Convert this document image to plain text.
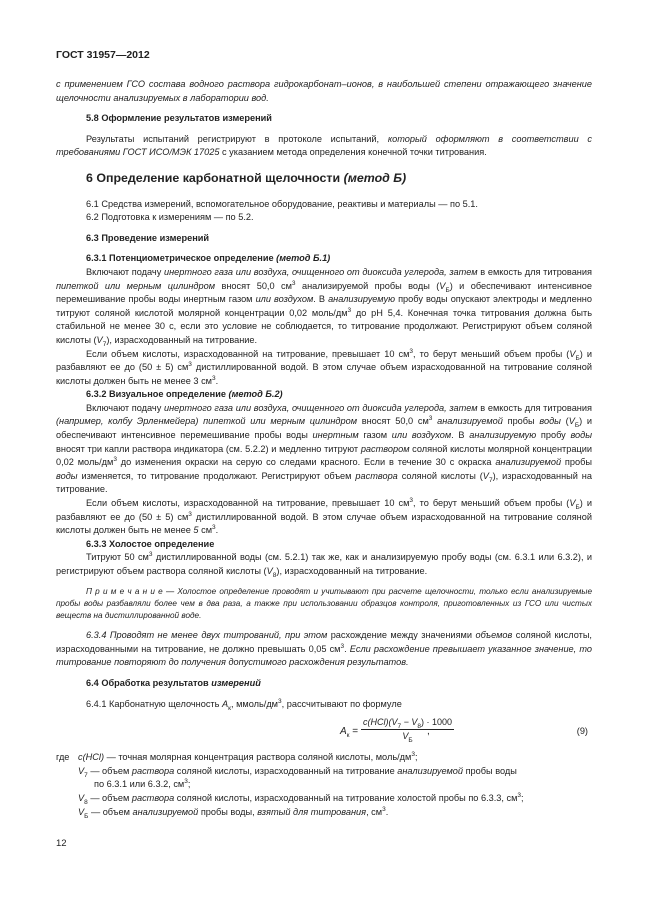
ГОСТ 31957—2012

с применением ГСО состава водного раствора гидрокарбонат–ионов, в наибольшей степени отражающего значение щелочности анализируемых в лаборатории вод.

5.8 Оформление результатов измерений

Результаты испытаний регистрируют в протоколе испытаний, который оформляют в соответствии с требованиями ГОСТ ИСО/МЭК 17025 с указанием метода определения конечной точки титрования.

6 Определение карбонатной щелочности (метод Б)

6.1 Средства измерений, вспомогательное оборудование, реактивы и материалы — по 5.1.

6.2 Подготовка к измерениям — по 5.2.

6.3 Проведение измерений

6.3.1 Потенциометрическое определение (метод Б.1)

Включают подачу инертного газа или воздуха, очищенного от диоксида углерода, затем в емкость для титрования пипеткой или мерным цилиндром вносят 50,0 $см^3$ анализируемой пробы воды $(V_Б)$ и обеспечивают интенсивное перемешивание пробы воды инертным газом или воздухом. В анализируемую пробу воды опускают электроды и медленно титруют соляной кислотой молярной концентрации 0,02 моль/$дм^3$ до pH 5,4. Конечная точка титрования должна быть стабильной не менее 30 с, если это условие не соблюдается, то титрование продолжают. Регистрируют объем соляной кислоты $(V_7)$, израсходованный на титрование.

Если объем кислоты, израсходованной на титрование, превышает 10 $см^3$, то берут меньший объем пробы $(V_Б)$ и разбавляют ее до (50 ± 5) $см^3$ дистиллированной водой. В этом случае объем израсходованной на титрование соляной кислоты должен быть не менее 3 $см^3$.

6.3.2 Визуальное определение (метод Б.2)

Включают подачу инертного газа или воздуха, очищенного от диоксида углерода, затем в емкость для титрования (например, колбу Эрленмейера) пипеткой или мерным цилиндром вносят 50,0 $см^3$ анализируемой пробы воды $(V_Б)$ и обеспечивают интенсивное перемешивание пробы воды инертным газом или воздухом. В анализируемую пробу воды вносят три капли раствора индикатора (см. 5.2.2) и медленно титруют раствором соляной кислоты молярной концентрации 0,02 моль/$дм^3$ до изменения окраски на серую со следами красного. Если в течение 30 с окраска анализируемой пробы воды изменяется, то титрование продолжают. Регистрируют объем раствора соляной кислоты $(V_7)$, израсходованный на титрование.

Если объем кислоты, израсходованной на титрование, превышает 10 $см^3$, то берут меньший объем пробы $(V_Б)$ и разбавляют ее до (50 ± 5) $см^3$ дистиллированной водой. В этом случае объем израсходованной на титрование соляной кислоты должен быть не менее 5 $см^3$.

6.3.3 Холостое определение

Титруют 50 $см^3$ дистиллированной воды (см. 5.2.1) так же, как и анализируемую пробу воды (см. 6.3.1 или 6.3.2), и регистрируют объем раствора соляной кислоты $(V_8)$, израсходованный на титрование.

П р и м е ч а н и е — Холостое определение проводят и учитывают при расчете щелочности, только если анализируемые пробы воды разбавляли более чем в два раза, а также при использовании образцов контроля, приготовленных из ГСО или чистых веществ на дистиллированной воде.

6.3.4 Проводят не менее двух титрований, при этом расхождение между значениями объемов соляной кислоты, израсходованными на титрование, не должно превышать 0,05 $см^3$. Если расхождение превышает указанное значение, то титрование повторяют до получения допустимого расхождения результатов.

6.4 Обработка результатов измерений

6.4.1 Карбонатную щелочность $A_к$, ммоль/$дм^3$, рассчитывают по формуле

$A_к$ =
$c(HCl)(V_7 - V_8) \cdot 1000$
$V_Б$
,	(9)
где c(HCl) — точная молярная концентрация раствора соляной кислоты, моль/$дм^3$;

$V_7$ — объем раствора соляной кислоты, израсходованный на титрование анализируемой пробы воды

по 6.3.1 или 6.3.2, $см^3$;

$V_8$ — объем раствора соляной кислоты, израсходованный на титрование холостой пробы по 6.3.3, $см^3$;

$V_Б$ — объем анализируемой пробы воды, взятый для титрования, $см^3$.

12
